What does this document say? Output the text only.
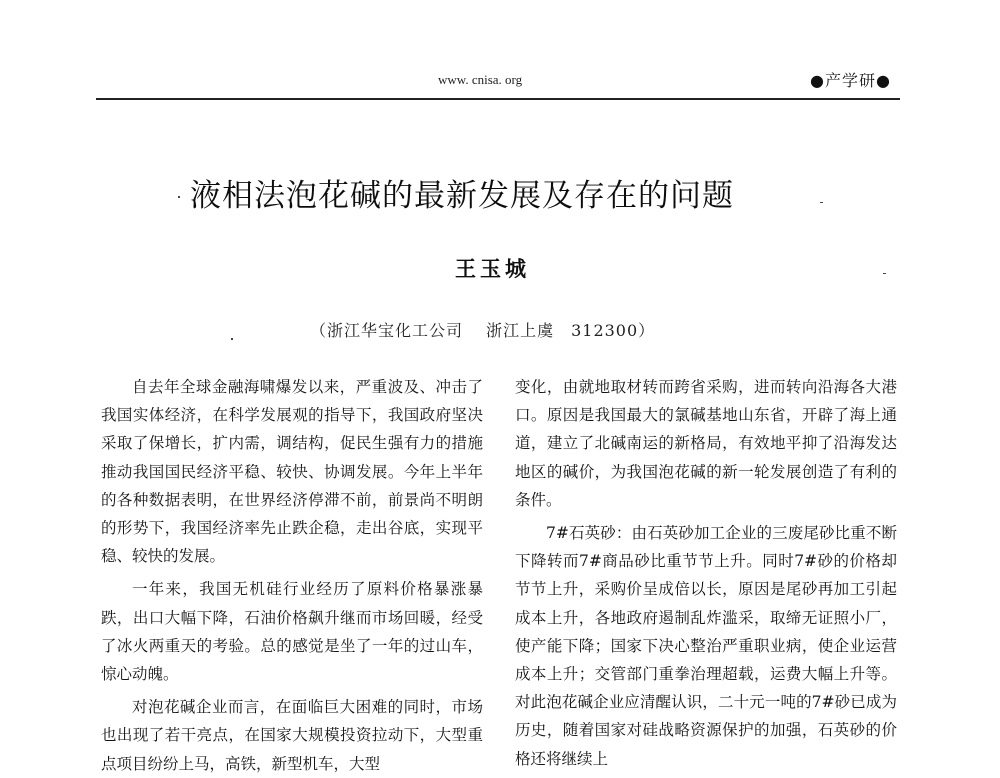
www. cnisa. org	●产学研●
液相法泡花碱的最新发展及存在的问题
王玉城
（浙江华宝化工公司　 浙江上虞　312300）

自去年全球金融海啸爆发以来，严重波及、冲击了我国实体经济，在科学发展观的指导下，我国政府坚决采取了保增长，扩内需，调结构，促民生强有力的措施推动我国国民经济平稳、较快、协调发展。今年上半年的各种数据表明，在世界经济停滞不前，前景尚不明朗的形势下，我国经济率先止跌企稳，走出谷底，实现平稳、较快的发展。

一年来，我国无机硅行业经历了原料价格暴涨暴跌，出口大幅下降，石油价格飙升继而市场回暖，经受了冰火两重天的考验。总的感觉是坐了一年的过山车，惊心动魄。

对泡花碱企业而言，在面临巨大困难的同时，市场也出现了若干亮点，在国家大规模投资拉动下，大型重点项目纷纷上马，高铁，新型机车，大型

变化，由就地取材转而跨省采购，进而转向沿海各大港口。原因是我国最大的氯碱基地山东省，开辟了海上通道，建立了北碱南运的新格局，有效地平抑了沿海发达地区的碱价，为我国泡花碱的新一轮发展创造了有利的条件。

7#石英砂：由石英砂加工企业的三废尾砂比重不断下降转而7#商品砂比重节节上升。同时7#砂的价格却节节上升，采购价呈成倍以长，原因是尾砂再加工引起成本上升，各地政府遏制乱炸滥采，取缔无证照小厂，使产能下降；国家下决心整治严重职业病，使企业运营成本上升；交管部门重拳治理超载，运费大幅上升等。对此泡花碱企业应清醒认识，二十元一吨的7#砂已成为历史，随着国家对硅战略资源保护的加强，石英砂的价格还将继续上
